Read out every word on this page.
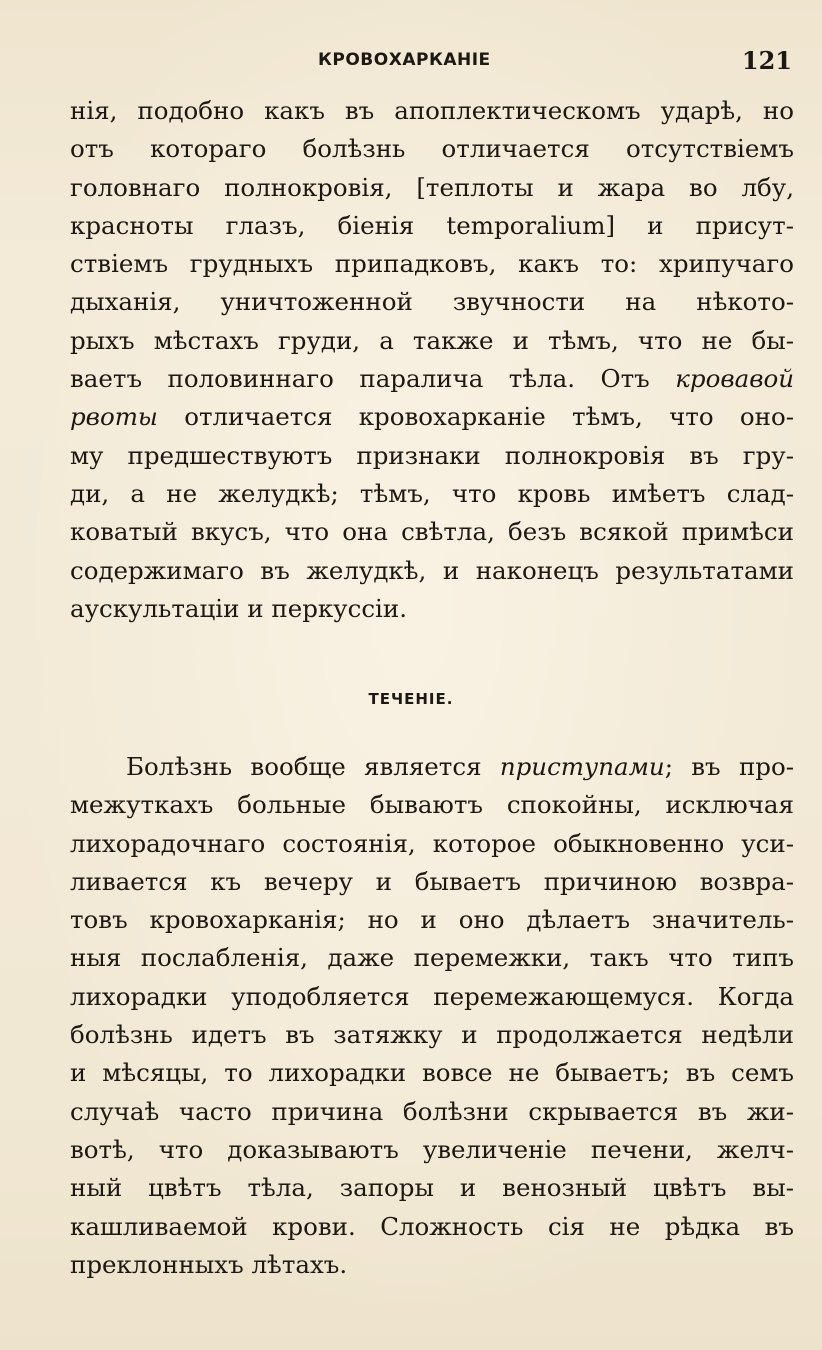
КРОВОХАРКАНІЕ	121
нія, подобно какъ въ апоплектическомъ ударѣ, но
отъ котораго болѣзнь отличается отсутствіемъ
головнаго полнокровія, [теплоты и жара во лбу,
красноты глазъ, біенія temporalium] и присут-
ствіемъ грудныхъ припадковъ, какъ то: хрипучаго
дыханія, уничтоженной звучности на нѣкото-
рыхъ мѣстахъ груди, а также и тѣмъ, что не бы-
ваетъ половиннаго паралича тѣла. Отъ кровавой
рвоты отличается кровохарканіе тѣмъ, что оно-
му предшествуютъ признаки полнокровія въ гру-
ди, а не желудкѣ; тѣмъ, что кровь имѣетъ слад-
коватый вкусъ, что она свѣтла, безъ всякой примѣси
содержимаго въ желудкѣ, и наконецъ результатами
аускультаціи и перкуссіи.
ТЕЧЕНІЕ.
Болѣзнь вообще является приступами; въ про-
межуткахъ больные бываютъ спокойны, исключая
лихорадочнаго состоянія, которое обыкновенно уси-
ливается къ вечеру и бываетъ причиною возвра-
товъ кровохарканія; но и оно дѣлаетъ значитель-
ныя послабленія, даже перемежки, такъ что типъ
лихорадки уподобляется перемежающемуся. Когда
болѣзнь идетъ въ затяжку и продолжается недѣли
и мѣсяцы, то лихорадки вовсе не бываетъ; въ семъ
случаѣ часто причина болѣзни скрывается въ жи-
вотѣ, что доказываютъ увеличеніе печени, желч-
ный цвѣтъ тѣла, запоры и венозный цвѣтъ вы-
кашливаемой крови. Сложность сія не рѣдка въ
преклонныхъ лѣтахъ.
